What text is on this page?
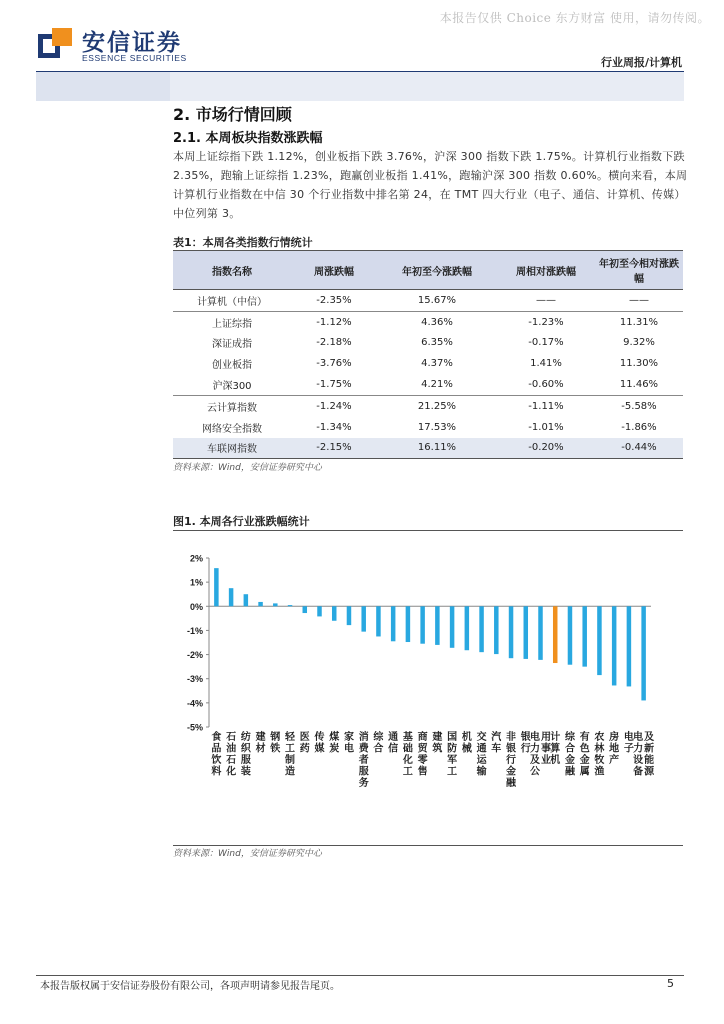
本报告仅供 Choice 东方财富 使用，请勿传阅。
安信证券
ESSENCE SECURITIES	行业周报/计算机
2. 市场行情回顾
2.1. 本周板块指数涨跌幅
本周上证综指下跌 1.12%，创业板指下跌 3.76%，沪深 300 指数下跌 1.75%。计算机行业指数下跌 2.35%，跑输上证综指 1.23%，跑赢创业板指 1.41%，跑输沪深 300 指数 0.60%。横向来看，本周计算机行业指数在中信 30 个行业指数中排名第 24，在 TMT 四大行业（电子、通信、计算机、传媒）中位列第 3。
表1：本周各类指数行情统计
指数名称	周涨跌幅	年初至今涨跌幅	周相对涨跌幅	年初至今相对涨跌幅
计算机（中信）	-2.35%	15.67%	——	——
上证综指	-1.12%	4.36%	-1.23%	11.31%
深证成指	-2.18%	6.35%	-0.17%	9.32%
创业板指	-3.76%	4.37%	1.41%	11.30%
沪深300	-1.75%	4.21%	-0.60%	11.46%
云计算指数	-1.24%	21.25%	-1.11%	-5.58%
网络安全指数	-1.34%	17.53%	-1.01%	-1.86%
车联网指数	-2.15%	16.11%	-0.20%	-0.44%
资料来源：Wind，安信证券研究中心
图1. 本周各行业涨跌幅统计
2%
1%
0%
-1%
-2%
-3%
-4%
-5%
食品饮料
石油石化
纺织服装
建材
钢铁
轻工制造
医药
传媒
煤炭
家电
消费者服务
综合
通信
基础化工
商贸零售
建筑
国防军工
机械
交通运输
汽车
非银行金融
银行
电力及公用事业
计算机
综合金融
有色金属
农林牧渔
房地产
电子
电力设备及新能源
资料来源：Wind，安信证券研究中心
本报告版权属于安信证券股份有限公司，各项声明请参见报告尾页。	5
